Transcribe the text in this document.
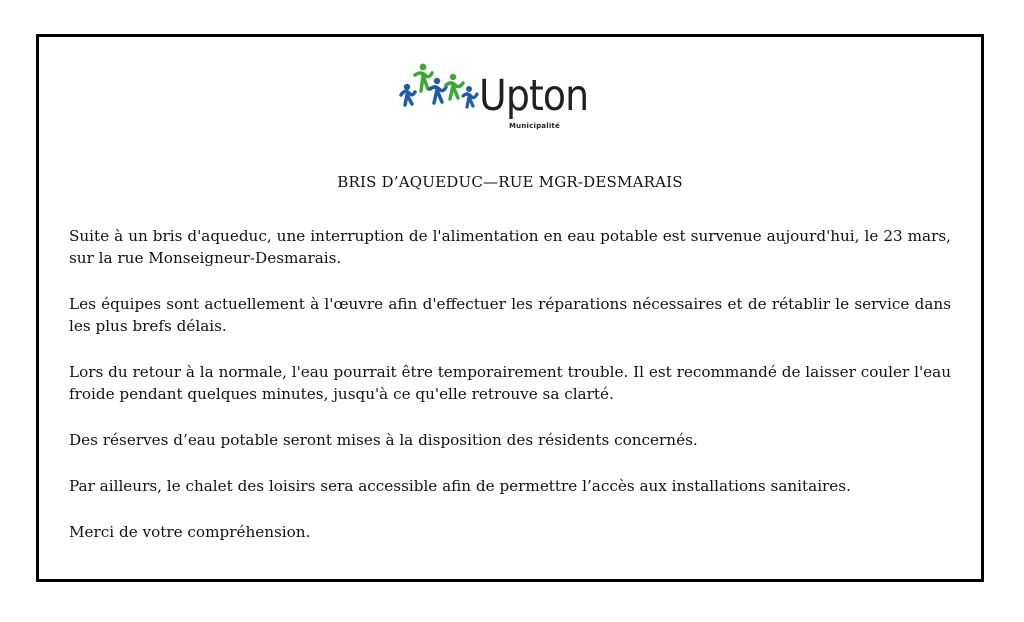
Upton
Municipalité
BRIS D’AQUEDUC—RUE MGR-DESMARAIS

Suite à un bris d'aqueduc, une interruption de l'alimentation en eau potable est survenue aujourd'hui, le 23 mars, sur la rue Monseigneur-Desmarais.

Les équipes sont actuellement à l'œuvre afin d'effectuer les réparations nécessaires et de rétablir le service dans les plus brefs délais.

Lors du retour à la normale, l'eau pourrait être temporairement trouble. Il est recommandé de laisser couler l'eau froide pendant quelques minutes, jusqu'à ce qu'elle retrouve sa clarté.

Des réserves d’eau potable seront mises à la disposition des résidents concernés.

Par ailleurs, le chalet des loisirs sera accessible afin de permettre l’accès aux installations sanitaires.

Merci de votre compréhension.
